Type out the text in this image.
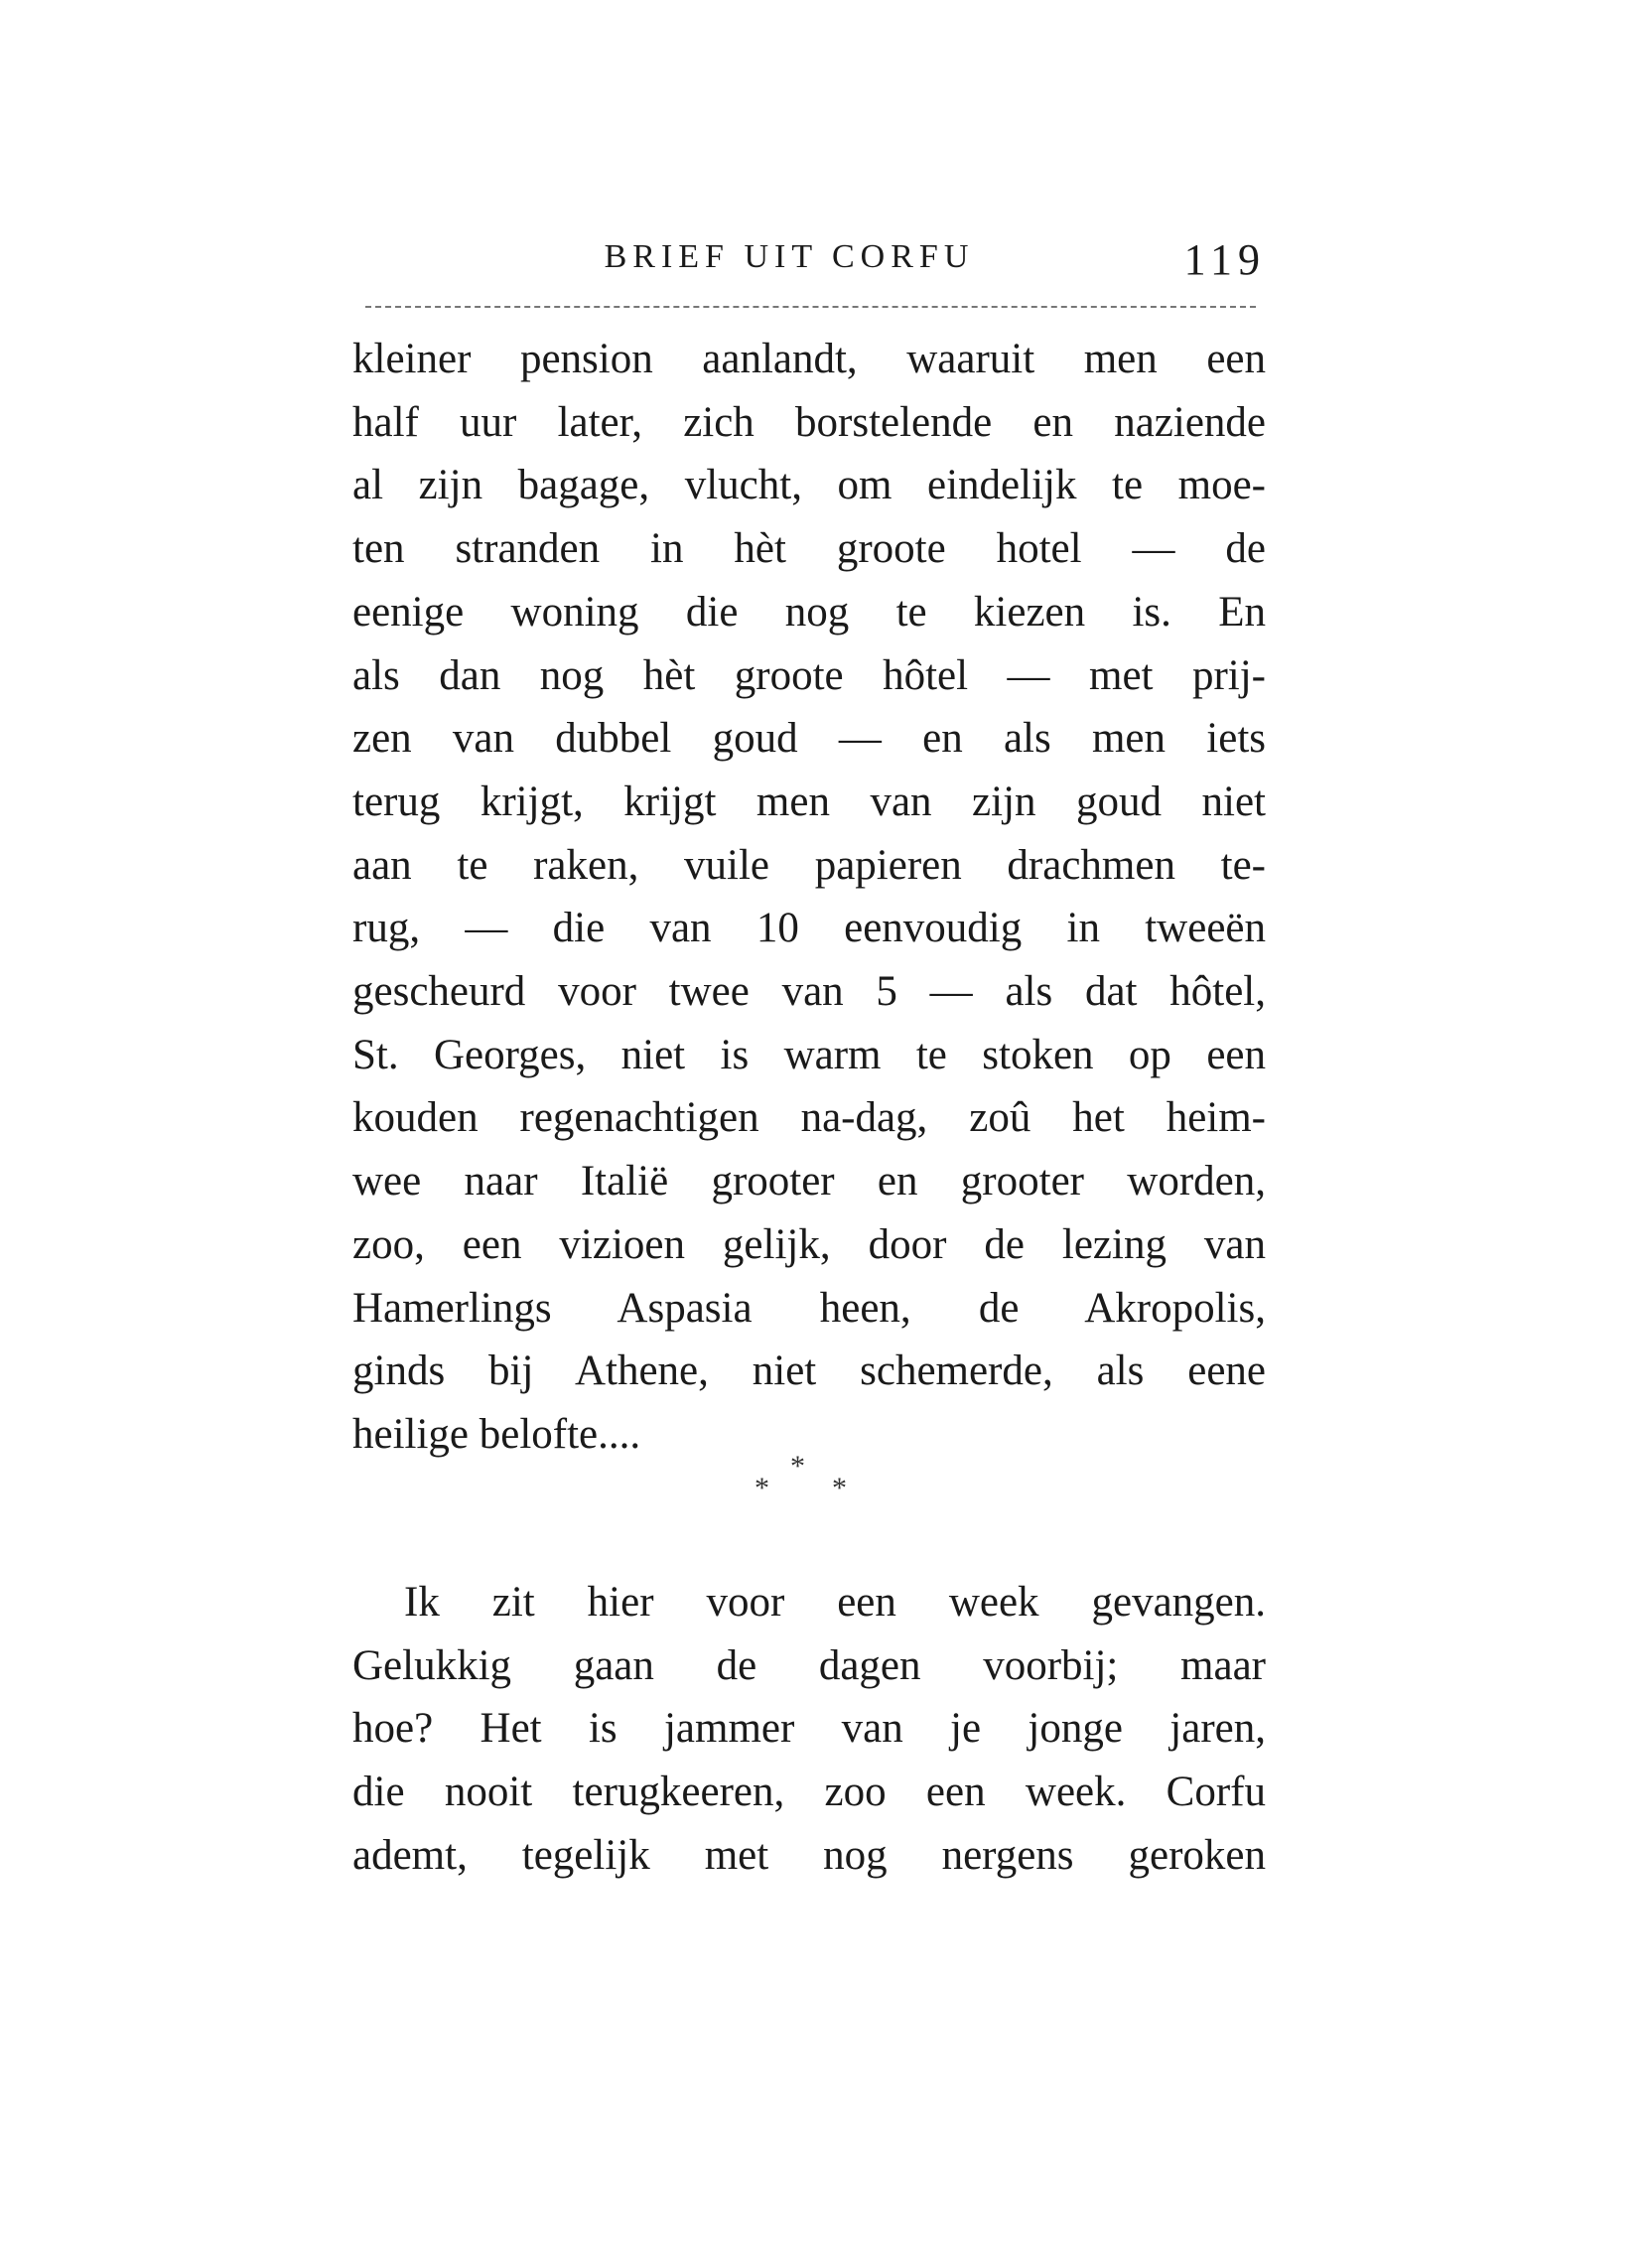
BRIEF UIT CORFU	119
kleiner pension aanlandt, waaruit men een
half uur later, zich borstelende en naziende
al zijn bagage, vlucht, om eindelijk te moe-
ten stranden in hèt groote hotel — de
eenige woning die nog te kiezen is. En
als dan nog hèt groote hôtel — met prij-
zen van dubbel goud — en als men iets
terug krijgt, krijgt men van zijn goud niet
aan te raken, vuile papieren drachmen te-
rug, — die van 10 eenvoudig in tweeën
gescheurd voor twee van 5 — als dat hôtel,
St. Georges, niet is warm te stoken op een
kouden regenachtigen na-dag, zoû het heim-
wee naar Italië grooter en grooter worden,
zoo, een vizioen gelijk, door de lezing van
Hamerlings Aspasia heen, de Akropolis,
ginds bij Athene, niet schemerde, als eene
heilige belofte....
*
* *
Ik zit hier voor een week gevangen.
Gelukkig gaan de dagen voorbij; maar
hoe? Het is jammer van je jonge jaren,
die nooit terugkeeren, zoo een week. Corfu
ademt, tegelijk met nog nergens geroken
